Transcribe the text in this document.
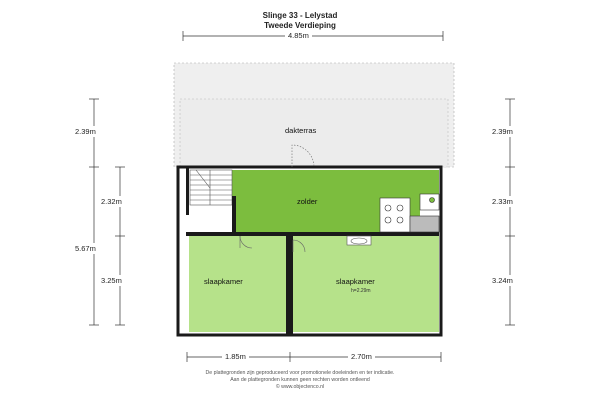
Slinge 33 - Lelystad
Tweede Verdieping
4.85m
2.39m
5.67m
2.32m
3.25m
2.39m
2.33m
3.24m
1.85m	2.70m
dakterras
zolder
slaapkamer	slaapkamer
h=2.29m
De plattegronden zijn geproduceerd voor promotionele doeleinden en ter indicatie.
Aan de plattegronden kunnen geen rechten worden ontleend
© www.objectenco.nl
